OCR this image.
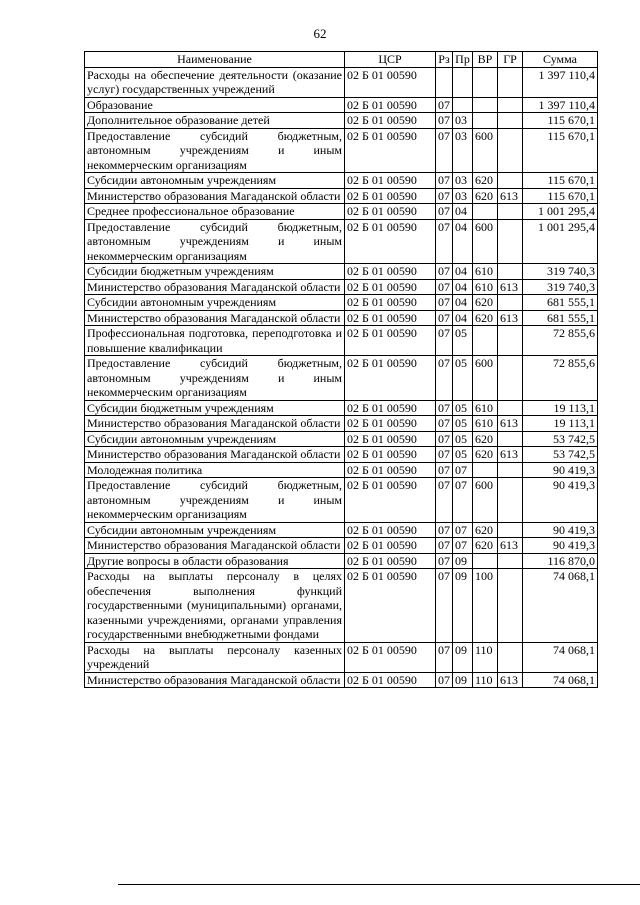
62
Наименование	ЦСР	Рз	Пр	ВР	ГР	Сумма
Расходы на обеспечение деятельности (оказание услуг) государственных учреждений	02 Б 01 00590					1 397 110,4
Образование	02 Б 01 00590	07				1 397 110,4
Дополнительное образование детей	02 Б 01 00590	07	03			115 670,1
Предоставление субсидий бюджетным, автономным учреждениям и иным некоммерческим организациям	02 Б 01 00590	07	03	600		115 670,1
Субсидии автономным учреждениям	02 Б 01 00590	07	03	620		115 670,1
Министерство образования Магаданской области	02 Б 01 00590	07	03	620	613	115 670,1
Среднее профессиональное образование	02 Б 01 00590	07	04			1 001 295,4
Предоставление субсидий бюджетным, автономным учреждениям и иным некоммерческим организациям	02 Б 01 00590	07	04	600		1 001 295,4
Субсидии бюджетным учреждениям	02 Б 01 00590	07	04	610		319 740,3
Министерство образования Магаданской области	02 Б 01 00590	07	04	610	613	319 740,3
Субсидии автономным учреждениям	02 Б 01 00590	07	04	620		681 555,1
Министерство образования Магаданской области	02 Б 01 00590	07	04	620	613	681 555,1
Профессиональная подготовка, переподготовка и повышение квалификации	02 Б 01 00590	07	05			72 855,6
Предоставление субсидий бюджетным, автономным учреждениям и иным некоммерческим организациям	02 Б 01 00590	07	05	600		72 855,6
Субсидии бюджетным учреждениям	02 Б 01 00590	07	05	610		19 113,1
Министерство образования Магаданской области	02 Б 01 00590	07	05	610	613	19 113,1
Субсидии автономным учреждениям	02 Б 01 00590	07	05	620		53 742,5
Министерство образования Магаданской области	02 Б 01 00590	07	05	620	613	53 742,5
Молодежная политика	02 Б 01 00590	07	07			90 419,3
Предоставление субсидий бюджетным, автономным учреждениям и иным некоммерческим организациям	02 Б 01 00590	07	07	600		90 419,3
Субсидии автономным учреждениям	02 Б 01 00590	07	07	620		90 419,3
Министерство образования Магаданской области	02 Б 01 00590	07	07	620	613	90 419,3
Другие вопросы в области образования	02 Б 01 00590	07	09			116 870,0
Расходы на выплаты персоналу в целях обеспечения выполнения функций государственными (муниципальными) органами, казенными учреждениями, органами управления государственными внебюджетными фондами	02 Б 01 00590	07	09	100		74 068,1
Расходы на выплаты персоналу казенных учреждений	02 Б 01 00590	07	09	110		74 068,1
Министерство образования Магаданской области	02 Б 01 00590	07	09	110	613	74 068,1
